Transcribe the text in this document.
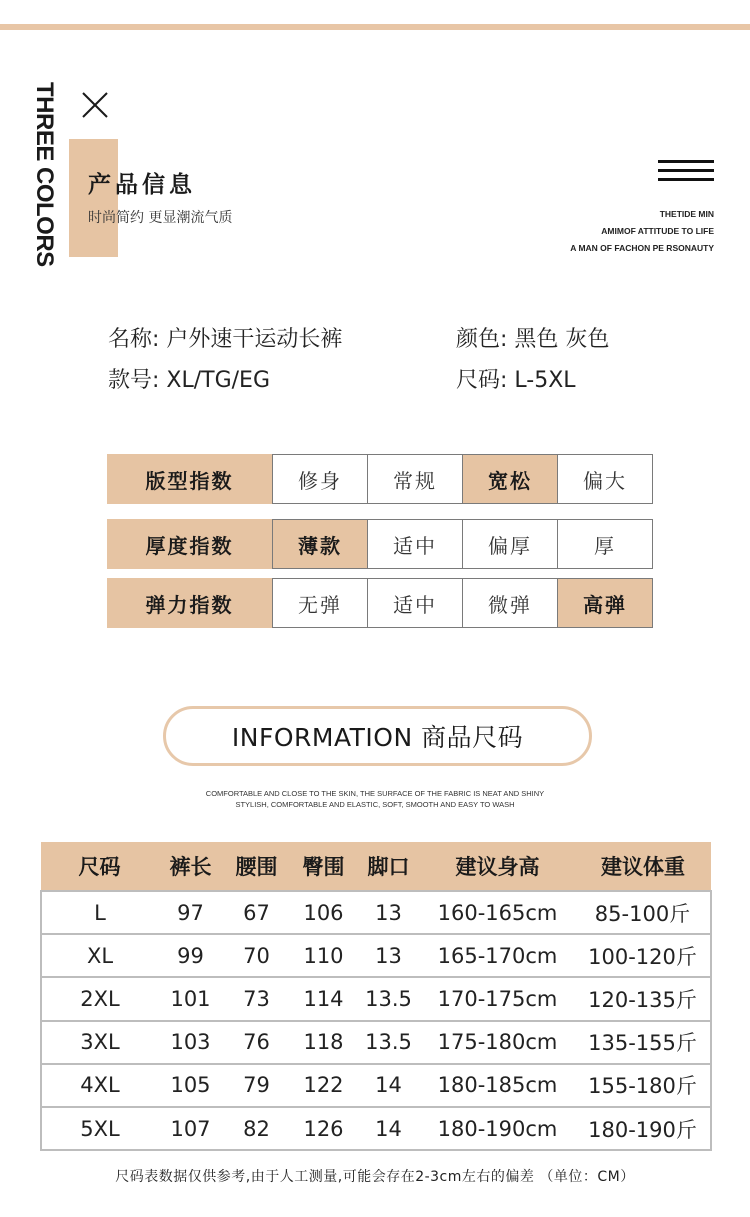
THREE COLORS 产品信息
时尚简约 更显潮流气质	THETIDE MIN
AMIMOF ATTITUDE TO LIFE
A MAN OF FACHON PE RSONAUTY
名称: 户外速干运动长裤
款号: XL/TG/EG
颜色: 黑色 灰色
尺码: L-5XL
版型指数	修身	常规	宽松	偏大
厚度指数	薄款	适中	偏厚	厚
弹力指数	无弹	适中	微弹	高弹
INFORMATION 商品尺码
COMFORTABLE AND CLOSE TO THE SKIN, THE SURFACE OF THE FABRIC IS NEAT AND SHINY
STYLISH, COMFORTABLE AND ELASTIC, SOFT, SMOOTH AND EASY TO WASH
尺码	裤长	腰围	臀围	脚口	建议身高	建议体重
L	97	67	106	13	160-165cm	85-100斤
XL	99	70	110	13	165-170cm	100-120斤
2XL	101	73	114	13.5	170-175cm	120-135斤
3XL	103	76	118	13.5	175-180cm	135-155斤
4XL	105	79	122	14	180-185cm	155-180斤
5XL	107	82	126	14	180-190cm	180-190斤
尺码表数据仅供参考,由于人工测量,可能会存在2-3cm左右的偏差 （单位：CM）
